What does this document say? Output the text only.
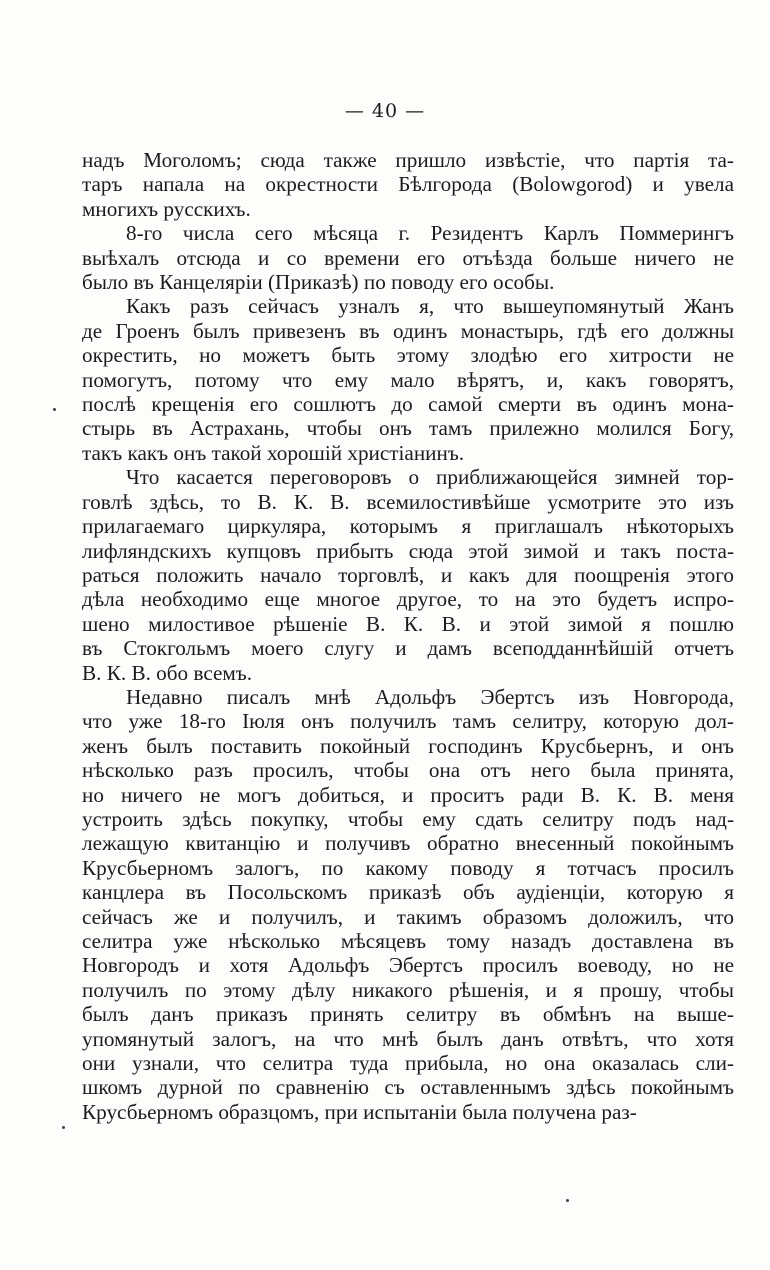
— 40 —
надъ Моголомъ; сюда также пришло извѣстіе, что партія та-
таръ напала на окрестности Бѣлгорода (Bolowgorod) и увела
многихъ русскихъ.
8-го числа сего мѣсяца г. Резидентъ Карлъ Поммерингъ
выѣхалъ отсюда и со времени его отъѣзда больше ничего не
было въ Канцеляріи (Приказѣ) по поводу его особы.
Какъ разъ сейчасъ узналъ я, что вышеупомянутый Жанъ
де Гроенъ былъ привезенъ въ одинъ монастырь, гдѣ его должны
окрестить, но можетъ быть этому злодѣю его хитрости не
помогутъ, потому что ему мало вѣрятъ, и, какъ говорятъ,
послѣ крещенія его сошлютъ до самой смерти въ одинъ мона-
стырь въ Астрахань, чтобы онъ тамъ прилежно молился Богу,
такъ какъ онъ такой хорошій христіанинъ.
Что касается переговоровъ о приближающейся зимней тор-
говлѣ здѣсь, то В. К. В. всемилостивѣйше усмотрите это изъ
прилагаемаго циркуляра, которымъ я приглашалъ нѣкоторыхъ
лифляндскихъ купцовъ прибыть сюда этой зимой и такъ поста-
раться положить начало торговлѣ, и какъ для поощренія этого
дѣла необходимо еще многое другое, то на это будетъ испро-
шено милостивое рѣшеніе В. К. В. и этой зимой я пошлю
въ Стокгольмъ моего слугу и дамъ всеподданнѣйшій отчетъ
В. К. В. обо всемъ.
Недавно писалъ мнѣ Адольфъ Эбертсъ изъ Новгорода,
что уже 18-го Іюля онъ получилъ тамъ селитру, которую дол-
женъ былъ поставить покойный господинъ Крусбьернъ, и онъ
нѣсколько разъ просилъ, чтобы она отъ него была принята,
но ничего не могъ добиться, и проситъ ради В. К. В. меня
устроить здѣсь покупку, чтобы ему сдать селитру подъ над-
лежащую квитанцію и получивъ обратно внесенный покойнымъ
Крусбьерномъ залогъ, по какому поводу я тотчасъ просилъ
канцлера въ Посольскомъ приказѣ объ аудіенціи, которую я
сейчасъ же и получилъ, и такимъ образомъ доложилъ, что
селитра уже нѣсколько мѣсяцевъ тому назадъ доставлена въ
Новгородъ и хотя Адольфъ Эбертсъ просилъ воеводу, но не
получилъ по этому дѣлу никакого рѣшенія, и я прошу, чтобы
былъ данъ приказъ принять селитру въ обмѣнъ на выше-
упомянутый залогъ, на что мнѣ былъ данъ отвѣтъ, что хотя
они узнали, что селитра туда прибыла, но она оказалась сли-
шкомъ дурной по сравненію съ оставленнымъ здѣсь покойнымъ
Крусбьерномъ образцомъ, при испытаніи была получена раз-
